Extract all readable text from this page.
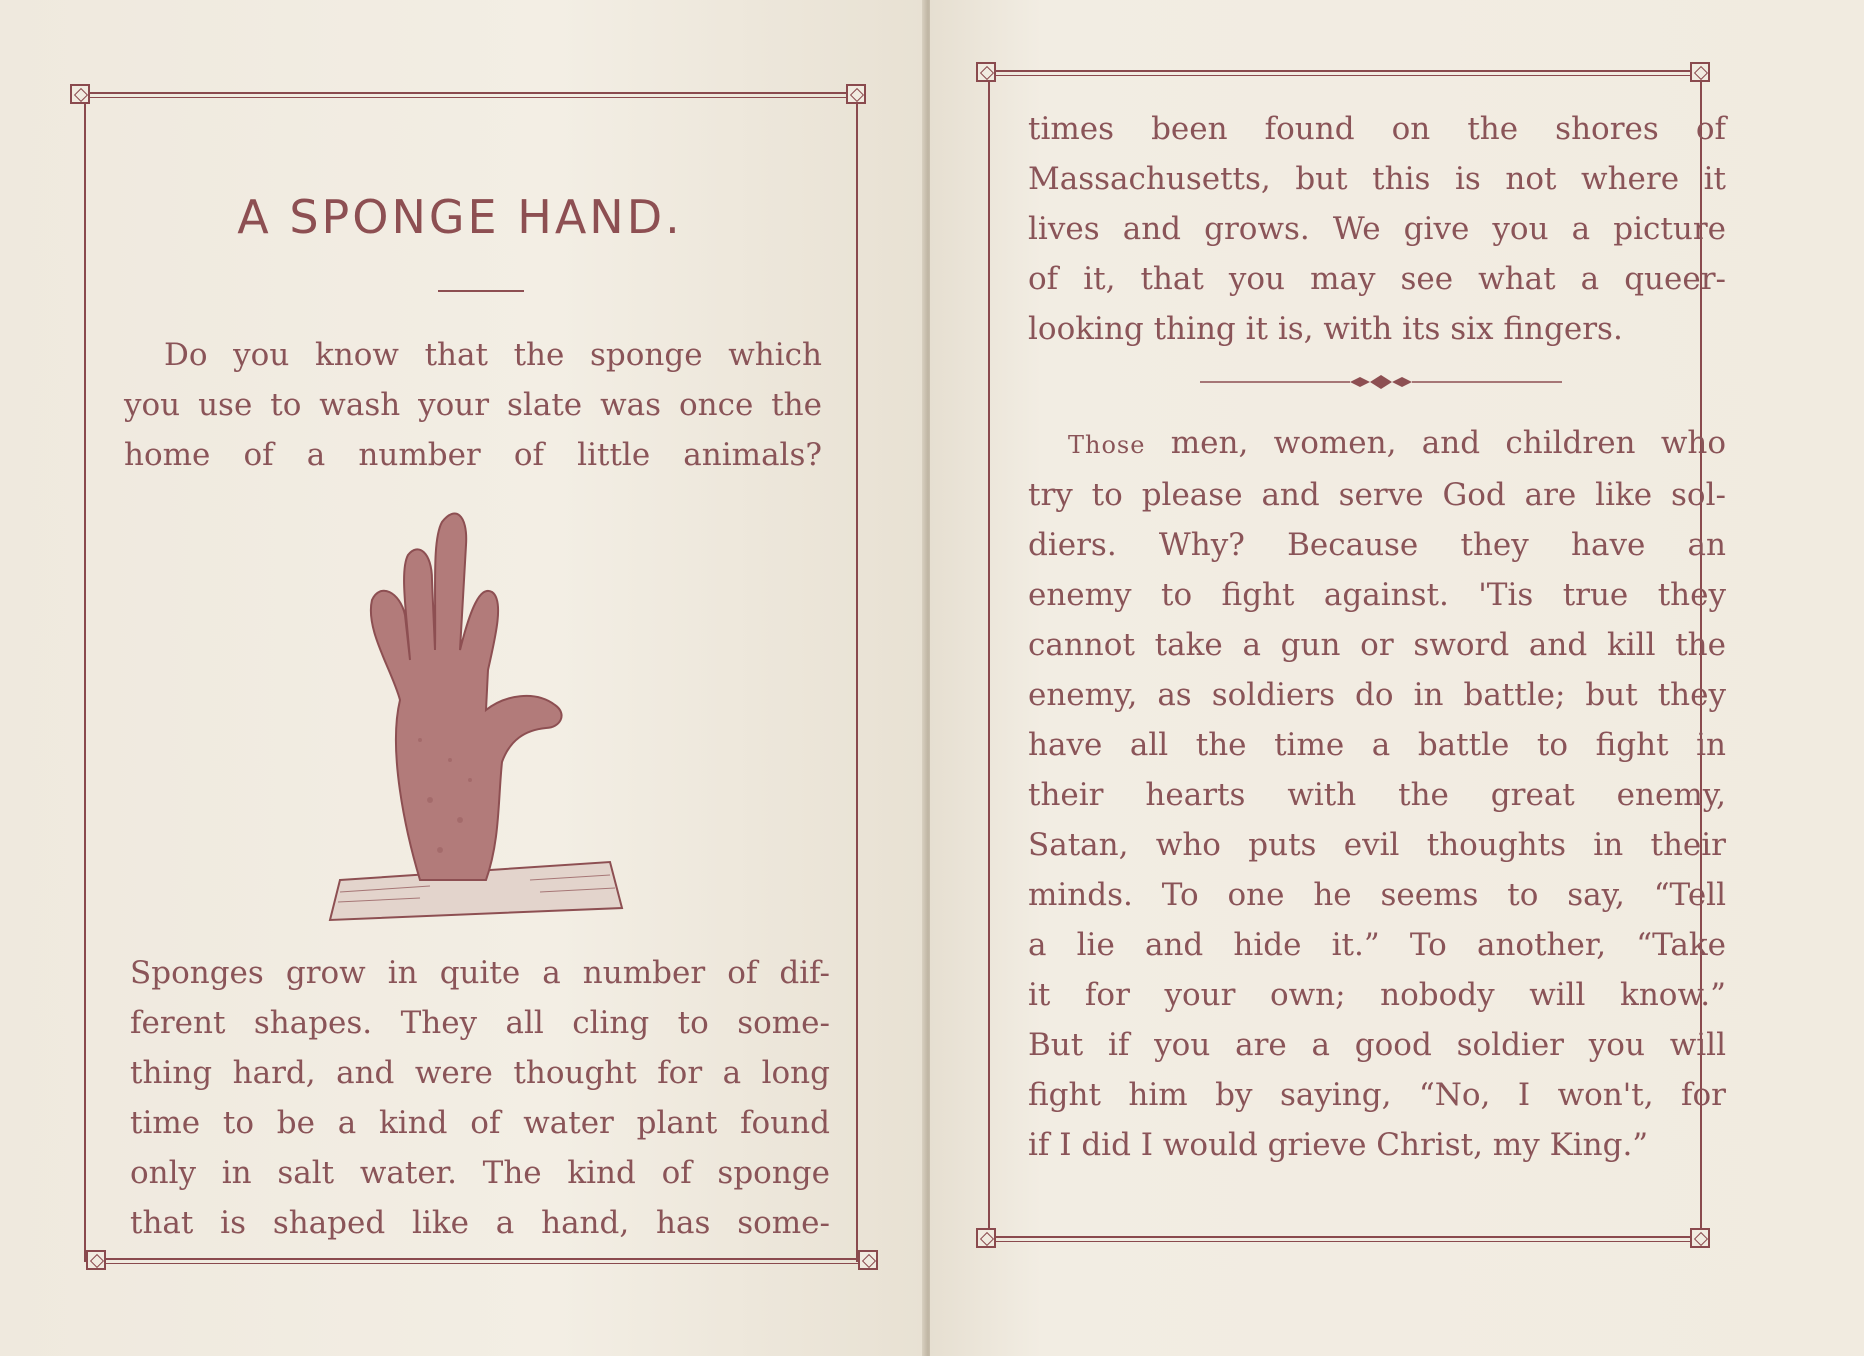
A SPONGE HAND.
Do you know that the sponge which
you use to wash your slate was once the
home of a number of little animals?
Sponges grow in quite a number of dif-
ferent shapes. They all cling to some-
thing hard, and were thought for a long
time to be a kind of water plant found
only in salt water. The kind of sponge
that is shaped like a hand, has some-
times been found on the shores of
Massachusetts, but this is not where it
lives and grows. We give you a picture
of it, that you may see what a queer-
looking thing it is, with its six fingers.
Those men, women, and children who
try to please and serve God are like sol-
diers. Why? Because they have an
enemy to fight against. 'Tis true they
cannot take a gun or sword and kill the
enemy, as soldiers do in battle; but they
have all the time a battle to fight in
their hearts with the great enemy,
Satan, who puts evil thoughts in their
minds. To one he seems to say, “Tell
a lie and hide it.” To another, “Take
it for your own; nobody will know.”
But if you are a good soldier you will
fight him by saying, “No, I won't, for
if I did I would grieve Christ, my King.”
